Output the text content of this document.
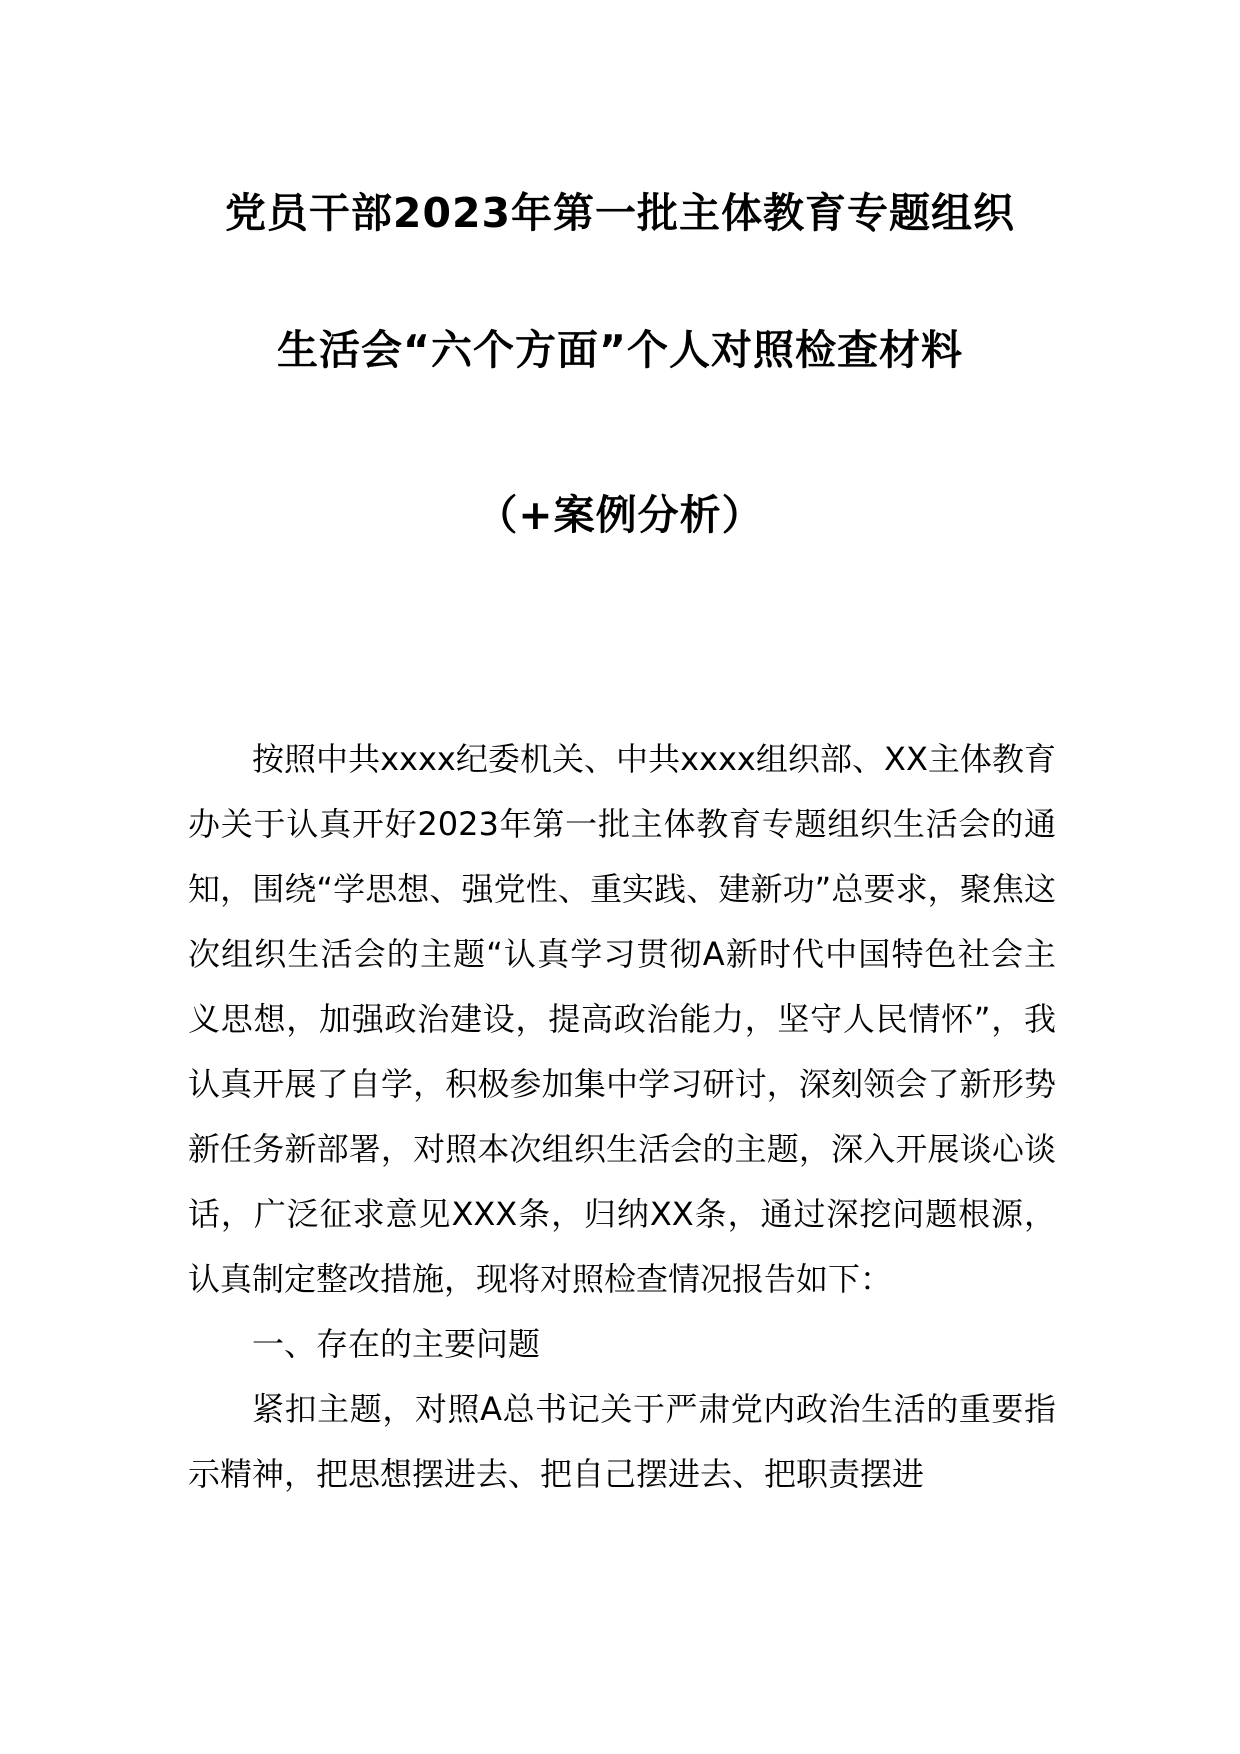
党员干部2023年第一批主体教育专题组织
生活会“六个方面”个人对照检查材料
（+案例分析）

按照中共xxxx纪委机关、中共xxxx组织部、XX主体教育办关于认真开好2023年第一批主体教育专题组织生活会的通知，围绕“学思想、强党性、重实践、建新功”总要求，聚焦这次组织生活会的主题“认真学习贯彻A新时代中国特色社会主义思想，加强政治建设，提高政治能力，坚守人民情怀”，我认真开展了自学，积极参加集中学习研讨，深刻领会了新形势新任务新部署，对照本次组织生活会的主题，深入开展谈心谈话，广泛征求意见XXX条，归纳XX条，通过深挖问题根源，认真制定整改措施，现将对照检查情况报告如下：

一、存在的主要问题

紧扣主题，对照A总书记关于严肃党内政治生活的重要指示精神，把思想摆进去、把自己摆进去、把职责摆进
